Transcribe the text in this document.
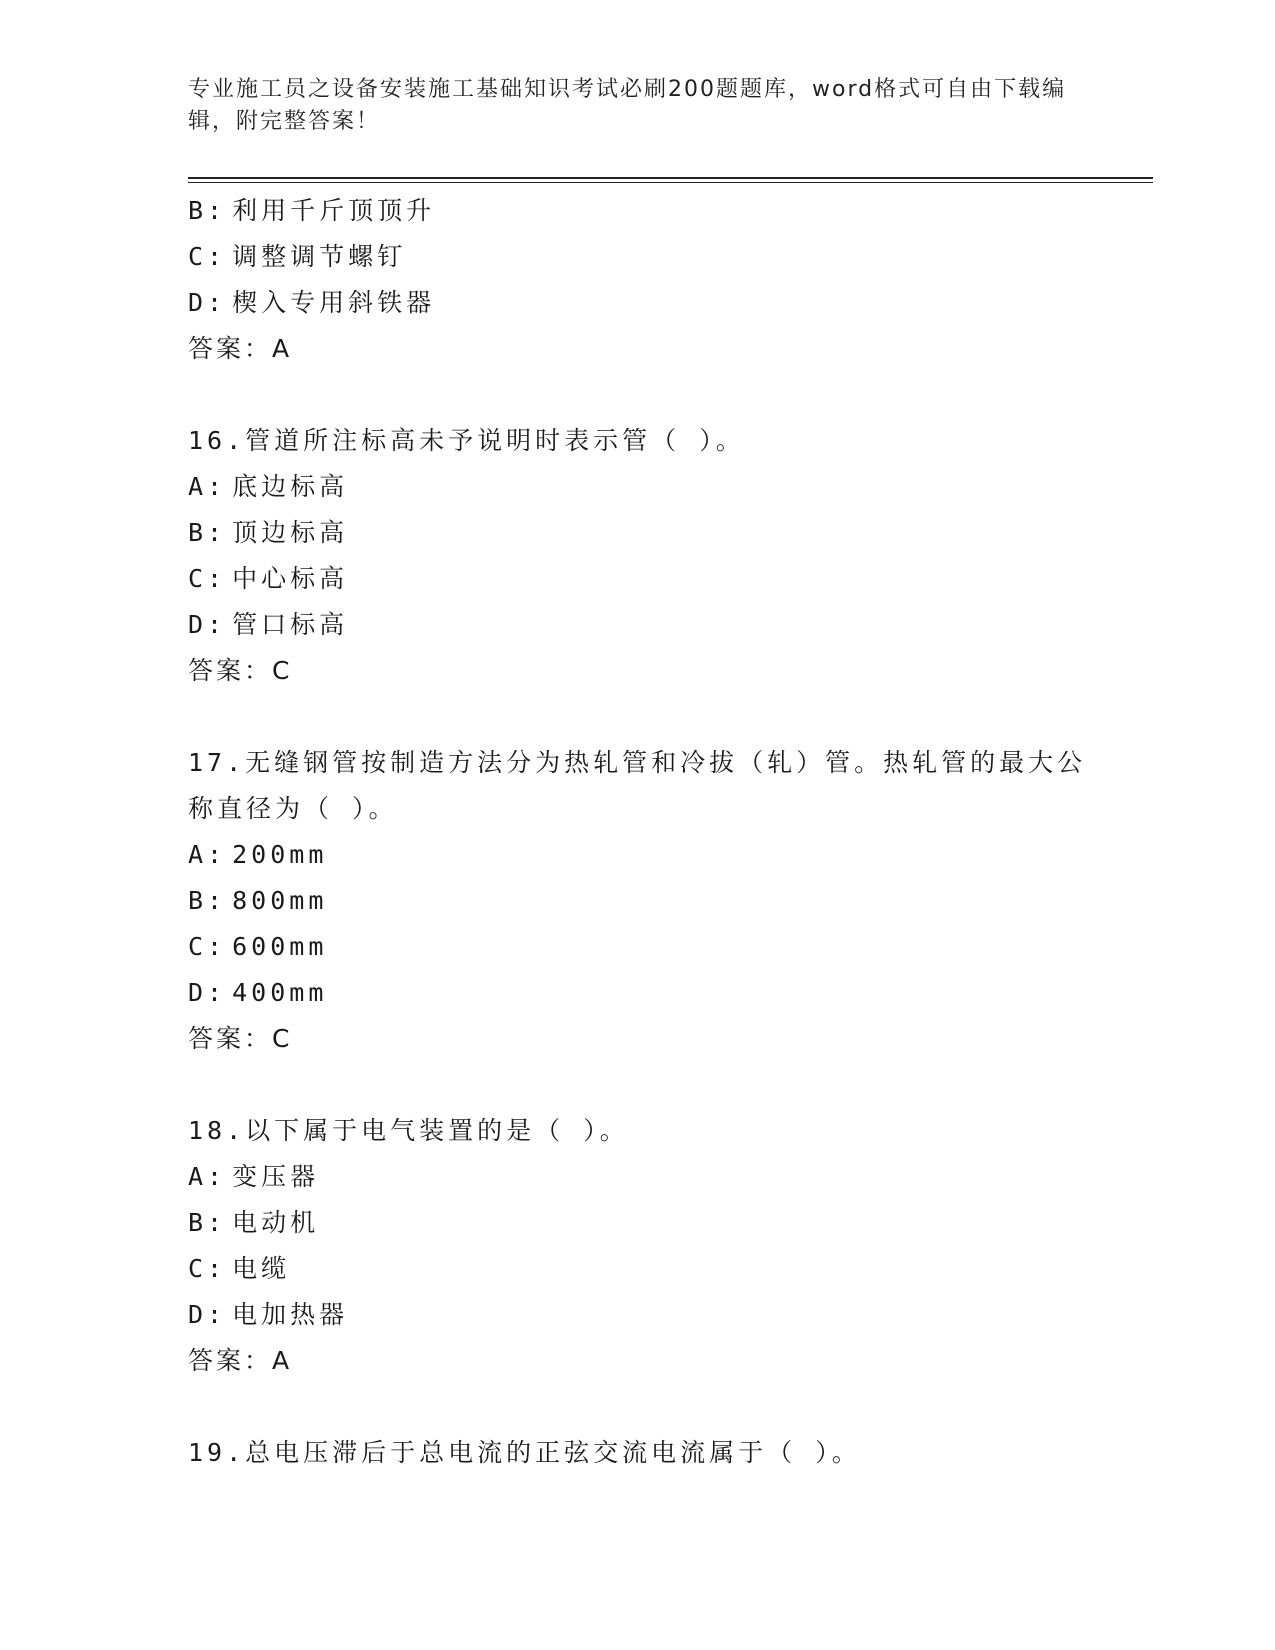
专业施工员之设备安装施工基础知识考试必刷200题题库，word格式可自由下载编辑，附完整答案！
B: 利用千斤顶顶升
C: 调整调节螺钉
D: 楔入专用斜铁器
答案：A
16.管道所注标高未予说明时表示管（ ）。
A: 底边标高
B: 顶边标高
C: 中心标高
D: 管口标高
答案：C
17.无缝钢管按制造方法分为热轧管和冷拔（轧）管。热轧管的最大公称直径为（ ）。
A: 200mm
B: 800mm
C: 600mm
D: 400mm
答案：C
18.以下属于电气装置的是（ ）。
A: 变压器
B: 电动机
C: 电缆
D: 电加热器
答案：A
19.总电压滞后于总电流的正弦交流电流属于（ ）。
